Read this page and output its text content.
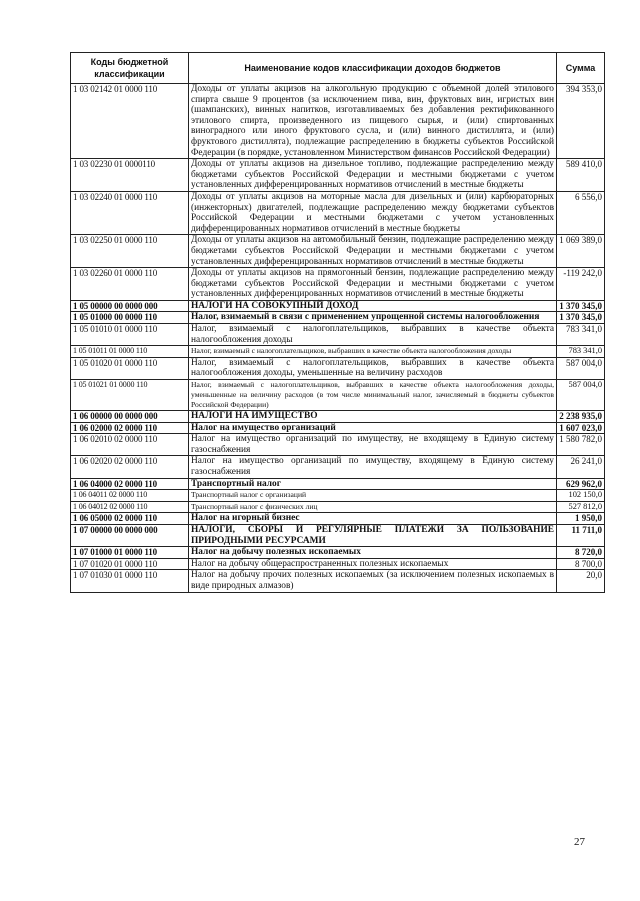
Коды бюджетной классификации	Наименование кодов классификации доходов бюджетов	Сумма
1 03 02142 01 0000 110	Доходы от уплаты акцизов на алкогольную продукцию с объемной долей этилового спирта свыше 9 процентов (за исключением пива, вин, фруктовых вин, игристых вин (шампанских), винных напитков, изготавливаемых без добавления ректификованного этилового спирта, произведенного из пищевого сырья, и (или) спиртованных виноградного или иного фруктового сусла, и (или) винного дистиллята, и (или) фруктового дистиллята), подлежащие распределению в бюджеты субъектов Российской Федерации (в порядке, установленном Министерством финансов Российской Федерации)	394 353,0
1 03 02230 01 0000110	Доходы от уплаты акцизов на дизельное топливо, подлежащие распределению между бюджетами субъектов Российской Федерации и местными бюджетами с учетом установленных дифференцированных нормативов отчислений в местные бюджеты	589 410,0
1 03 02240 01 0000 110	Доходы от уплаты акцизов на моторные масла для дизельных и (или) карбюраторных (инжекторных) двигателей, подлежащие распределению между бюджетами субъектов Российской Федерации и местными бюджетами с учетом установленных дифференцированных нормативов отчислений в местные бюджеты	6 556,0
1 03 02250 01 0000 110	Доходы от уплаты акцизов на автомобильный бензин, подлежащие распределению между бюджетами субъектов Российской Федерации и местными бюджетами с учетом установленных дифференцированных нормативов отчислений в местные бюджеты	1 069 389,0
1 03 02260 01 0000 110	Доходы от уплаты акцизов на прямогонный бензин, подлежащие распределению между бюджетами субъектов Российской Федерации и местными бюджетами с учетом установленных дифференцированных нормативов отчислений в местные бюджеты	-119 242,0
1 05 00000 00 0000 000	НАЛОГИ НА СОВОКУПНЫЙ ДОХОД	1 370 345,0
1 05 01000 00 0000 110	Налог, взимаемый в связи с применением упрощенной системы налогообложения	1 370 345,0
1 05 01010 01 0000 110	Налог, взимаемый с налогоплательщиков, выбравших в качестве объекта налогообложения доходы	783 341,0
1 05 01011 01 0000 110	Налог, взимаемый с налогоплательщиков, выбравших в качестве объекта налогообложения доходы	783 341,0
1 05 01020 01 0000 110	Налог, взимаемый с налогоплательщиков, выбравших в качестве объекта налогообложения доходы, уменьшенные на величину расходов	587 004,0
1 05 01021 01 0000 110	Налог, взимаемый с налогоплательщиков, выбравших в качестве объекта налогообложения доходы, уменьшенные на величину расходов (в том числе минимальный налог, зачисляемый в бюджеты субъектов Российской Федерации)	587 004,0
1 06 00000 00 0000 000	НАЛОГИ НА ИМУЩЕСТВО	2 238 935,0
1 06 02000 02 0000 110	Налог на имущество организаций	1 607 023,0
1 06 02010 02 0000 110	Налог на имущество организаций по имуществу, не входящему в Единую систему газоснабжения	1 580 782,0
1 06 02020 02 0000 110	Налог на имущество организаций по имуществу, входящему в Единую систему газоснабжения	26 241,0
1 06 04000 02 0000 110	Транспортный налог	629 962,0
1 06 04011 02 0000 110	Транспортный налог с организаций	102 150,0
1 06 04012 02 0000 110	Транспортный налог с физических лиц	527 812,0
1 06 05000 02 0000 110	Налог на игорный бизнес	1 950,0
1 07 00000 00 0000 000	НАЛОГИ, СБОРЫ И РЕГУЛЯРНЫЕ ПЛАТЕЖИ ЗА ПОЛЬЗОВАНИЕ ПРИРОДНЫМИ РЕСУРСАМИ	11 711,0
1 07 01000 01 0000 110	Налог на добычу полезных ископаемых	8 720,0
1 07 01020 01 0000 110	Налог на добычу общераспространенных полезных ископаемых	8 700,0
1 07 01030 01 0000 110	Налог на добычу прочих полезных ископаемых (за исключением полезных ископаемых в виде природных алмазов)	20,0
27
